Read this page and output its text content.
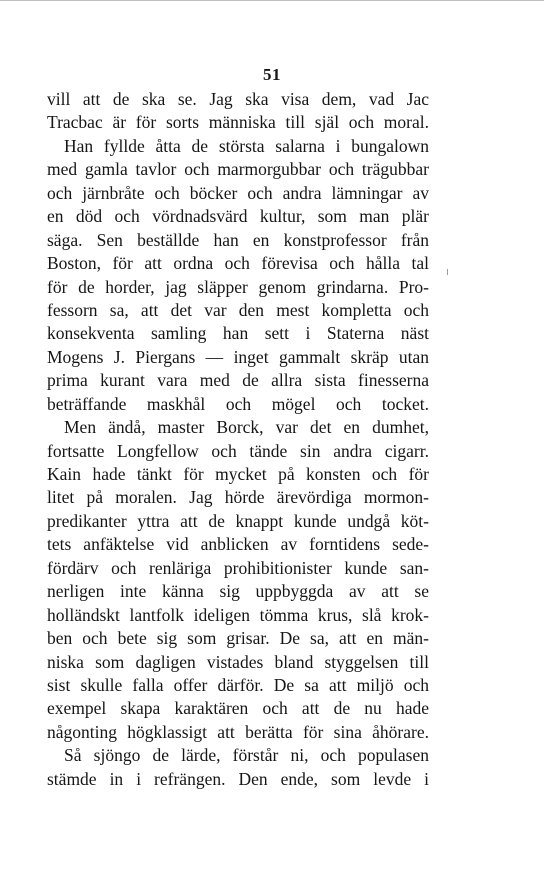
51
vill att de ska se. Jag ska visa dem, vad Jac
Tracbac är för sorts människa till själ och moral.
Han fyllde åtta de största salarna i bungalown
med gamla tavlor och marmorgubbar och trägubbar
och järnbråte och böcker och andra lämningar av
en död och vördnadsvärd kultur, som man plär
säga. Sen beställde han en konstprofessor från
Boston, för att ordna och förevisa och hålla tal
för de horder, jag släpper genom grindarna. Pro-
fessorn sa, att det var den mest kompletta och
konsekventa samling han sett i Staterna näst
Mogens J. Piergans — inget gammalt skräp utan
prima kurant vara med de allra sista finesserna
beträffande maskhål och mögel och tocket.
Men ändå, master Borck, var det en dumhet,
fortsatte Longfellow och tände sin andra cigarr.
Kain hade tänkt för mycket på konsten och för
litet på moralen. Jag hörde ärevördiga mormon-
predikanter yttra att de knappt kunde undgå köt-
tets anfäktelse vid anblicken av forntidens sede-
fördärv och renläriga prohibitionister kunde san-
nerligen inte känna sig uppbyggda av att se
holländskt lantfolk ideligen tömma krus, slå krok-
ben och bete sig som grisar. De sa, att en män-
niska som dagligen vistades bland styggelsen till
sist skulle falla offer därför. De sa att miljö och
exempel skapa karaktären och att de nu hade
någonting högklassigt att berätta för sina åhörare.
Så sjöngo de lärde, förstår ni, och populasen
stämde in i refrängen. Den ende, som levde i
